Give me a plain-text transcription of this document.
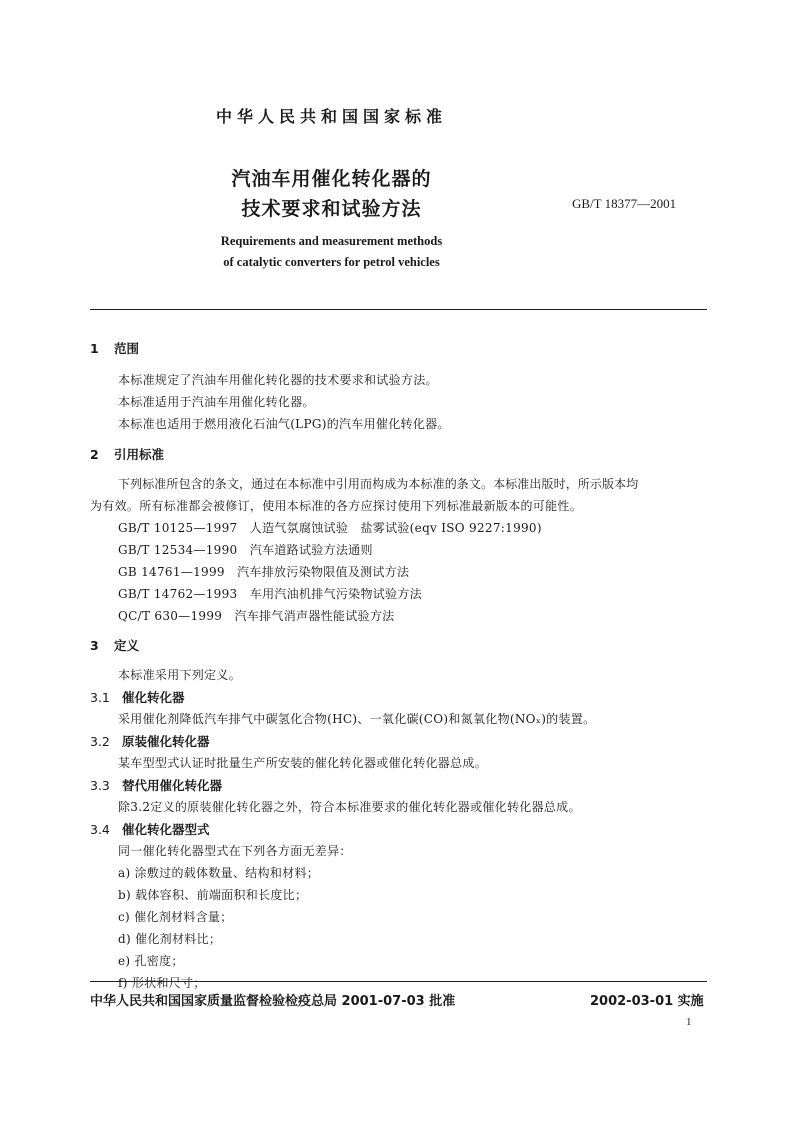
中华人民共和国国家标准
汽油车用催化转化器的
技术要求和试验方法	GB/T 18377—2001
Requirements and measurement methods
of catalytic converters for petrol vehicles
1 范围
本标准规定了汽油车用催化转化器的技术要求和试验方法。
本标准适用于汽油车用催化转化器。
本标准也适用于燃用液化石油气(LPG)的汽车用催化转化器。
2 引用标准
下列标准所包含的条文，通过在本标准中引用而构成为本标准的条文。本标准出版时，所示版本均
为有效。所有标准都会被修订，使用本标准的各方应探讨使用下列标准最新版本的可能性。
GB/T 10125—1997　人造气氛腐蚀试验　盐雾试验(eqv ISO 9227:1990)
GB/T 12534—1990　汽车道路试验方法通则
GB 14761—1999　汽车排放污染物限值及测试方法
GB/T 14762—1993　车用汽油机排气污染物试验方法
QC/T 630—1999　汽车排气消声器性能试验方法
3 定义
本标准采用下列定义。
3.1 催化转化器
采用催化剂降低汽车排气中碳氢化合物(HC)、一氧化碳(CO)和氮氧化物(NOₓ)的装置。
3.2 原装催化转化器
某车型型式认证时批量生产所安装的催化转化器或催化转化器总成。
3.3 替代用催化转化器
除3.2定义的原装催化转化器之外，符合本标准要求的催化转化器或催化转化器总成。
3.4 催化转化器型式
同一催化转化器型式在下列各方面无差异：
a) 涂敷过的载体数量、结构和材料；
b) 载体容积、前端面积和长度比；
c) 催化剂材料含量；
d) 催化剂材料比；
e) 孔密度；
f) 形状和尺寸；
中华人民共和国国家质量监督检验检疫总局 2001-07-03 批准	2002-03-01 实施
1
